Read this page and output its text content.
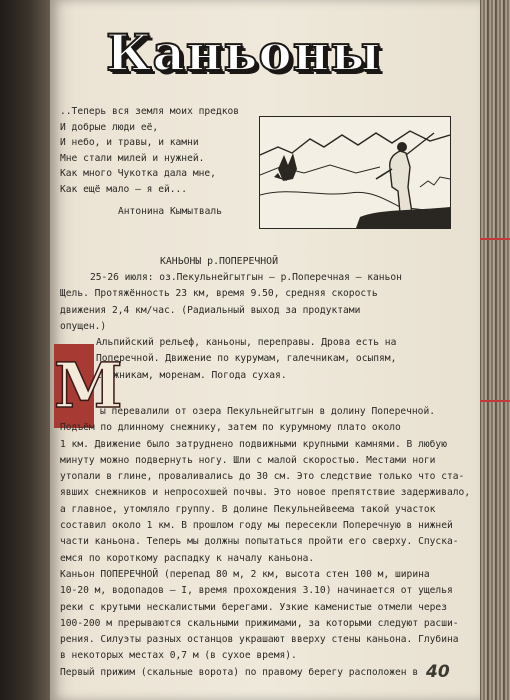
Каньоны
..Теперь вся земля моих предков
И добрые люди её,
И небо, и травы, и камни
Мне стали милей и нужней.
Как много Чукотка дала мне,
Как ещё мало – я ей...
Антонина Кымытваль
КАНЬОНЫ р.ПОПЕРЕЧНОЙ
25-26 июля: оз.Пекульнейгытгын – р.Поперечная – каньон
Щель. Протяжённость 23 км, время 9.50, средняя скорость
движения 2,4 км/час. (Радиальный выход за продуктами
опущен.)
Альпийский рельеф, каньоны, переправы. Дрова есть на
Поперечной. Движение по курумам, галечникам, осыпям,
снежникам, моренам. Погода сухая.
М
ы перевалили от озера Пекульнейгытгын в долину Поперечной.
Подъём по длинному снежнику, затем по курумному плато около
1 км. Движение было затруднено подвижными крупными камнями. В любую
минуту можно подвернуть ногу. Шли с малой скоростью. Местами ноги
утопали в глине, проваливались до 30 см. Это следствие только что ста-
явших снежников и непросохшей почвы. Это новое препятствие задерживало,
а главное, утомляло группу. В долине Пекульнейвеема такой участок
составил около 1 км. В прошлом году мы пересекли Поперечную в нижней
части каньона. Теперь мы должны попытаться пройти его сверху. Спуска-
емся по короткому распадку к началу каньона.
Каньон ПОПЕРЕЧНОЙ (перепад 80 м, 2 км, высота стен 100 м, ширина
10-20 м, водопадов – I, время прохождения 3.10) начинается от ущелья
реки с крутыми нескалистыми берегами. Узкие каменистые отмели через
100-200 м прерываются скальными прижимами, за которыми следуют расши-
рения. Силуэты разных останцов украшают вверху стены каньона. Глубина
в некоторых местах 0,7 м (в сухое время).
Первый прижим (скальные ворота) по правому берегу расположен в 40
